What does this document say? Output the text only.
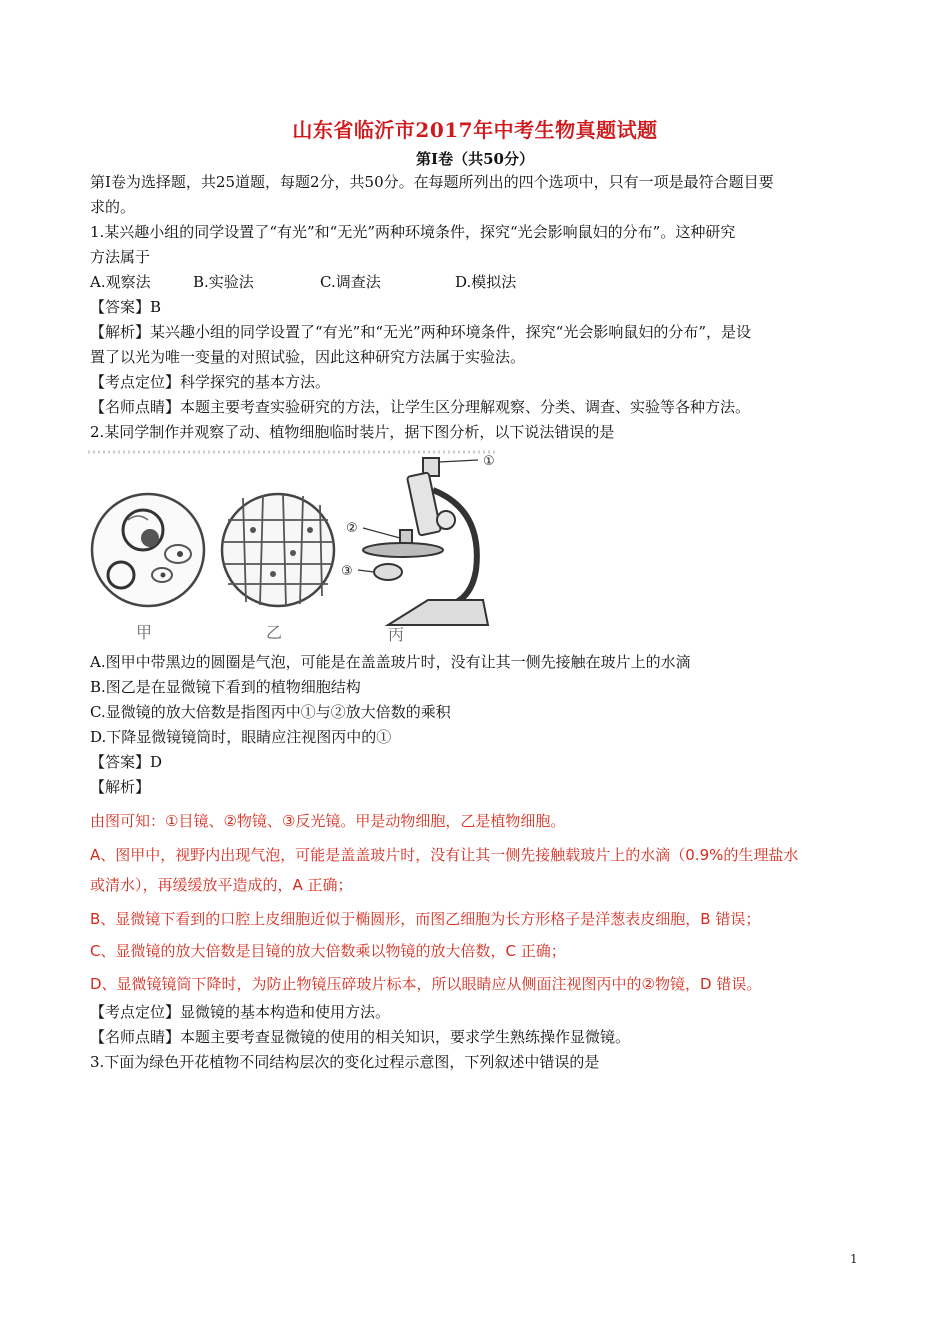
山东省临沂市2017年中考生物真题试题
第Ⅰ卷（共50分）
第Ⅰ卷为选择题，共25道题，每题2分，共50分。在每题所列出的四个选项中，只有一项是最符合题目要
求的。
1.某兴趣小组的同学设置了“有光”和“无光”两种环境条件，探究“光会影响鼠妇的分布”。这种研究
方法属于
A.观察法	B.实验法	C.调查法	D.模拟法
【答案】B
【解析】某兴趣小组的同学设置了“有光”和“无光”两种环境条件，探究“光会影响鼠妇的分布”，是设
置了以光为唯一变量的对照试验，因此这种研究方法属于实验法。
【考点定位】科学探究的基本方法。
【名师点睛】本题主要考查实验研究的方法，让学生区分理解观察、分类、调查、实验等各种方法。
2.某同学制作并观察了动、植物细胞临时装片，据下图分析，以下说法错误的是
①
②
③
甲	乙	丙
A.图甲中带黑边的圆圈是气泡，可能是在盖盖玻片时，没有让其一侧先接触在玻片上的水滴
B.图乙是在显微镜下看到的植物细胞结构
C.显微镜的放大倍数是指图丙中①与②放大倍数的乘积
D.下降显微镜镜筒时，眼睛应注视图丙中的①
【答案】D
【解析】
由图可知：①目镜、②物镜、③反光镜。甲是动物细胞，乙是植物细胞。
A、图甲中，视野内出现气泡，可能是盖盖玻片时，没有让其一侧先接触载玻片上的水滴（0.9%的生理盐水
或清水），再缓缓放平造成的，A 正确；
B、显微镜下看到的口腔上皮细胞近似于椭圆形，而图乙细胞为长方形格子是洋葱表皮细胞，B 错误；
C、显微镜的放大倍数是目镜的放大倍数乘以物镜的放大倍数，C 正确；
D、显微镜镜筒下降时，为防止物镜压碎玻片标本，所以眼睛应从侧面注视图丙中的②物镜，D 错误。
【考点定位】显微镜的基本构造和使用方法。
【名师点睛】本题主要考查显微镜的使用的相关知识，要求学生熟练操作显微镜。
3.下面为绿色开花植物不同结构层次的变化过程示意图，下列叙述中错误的是
1
